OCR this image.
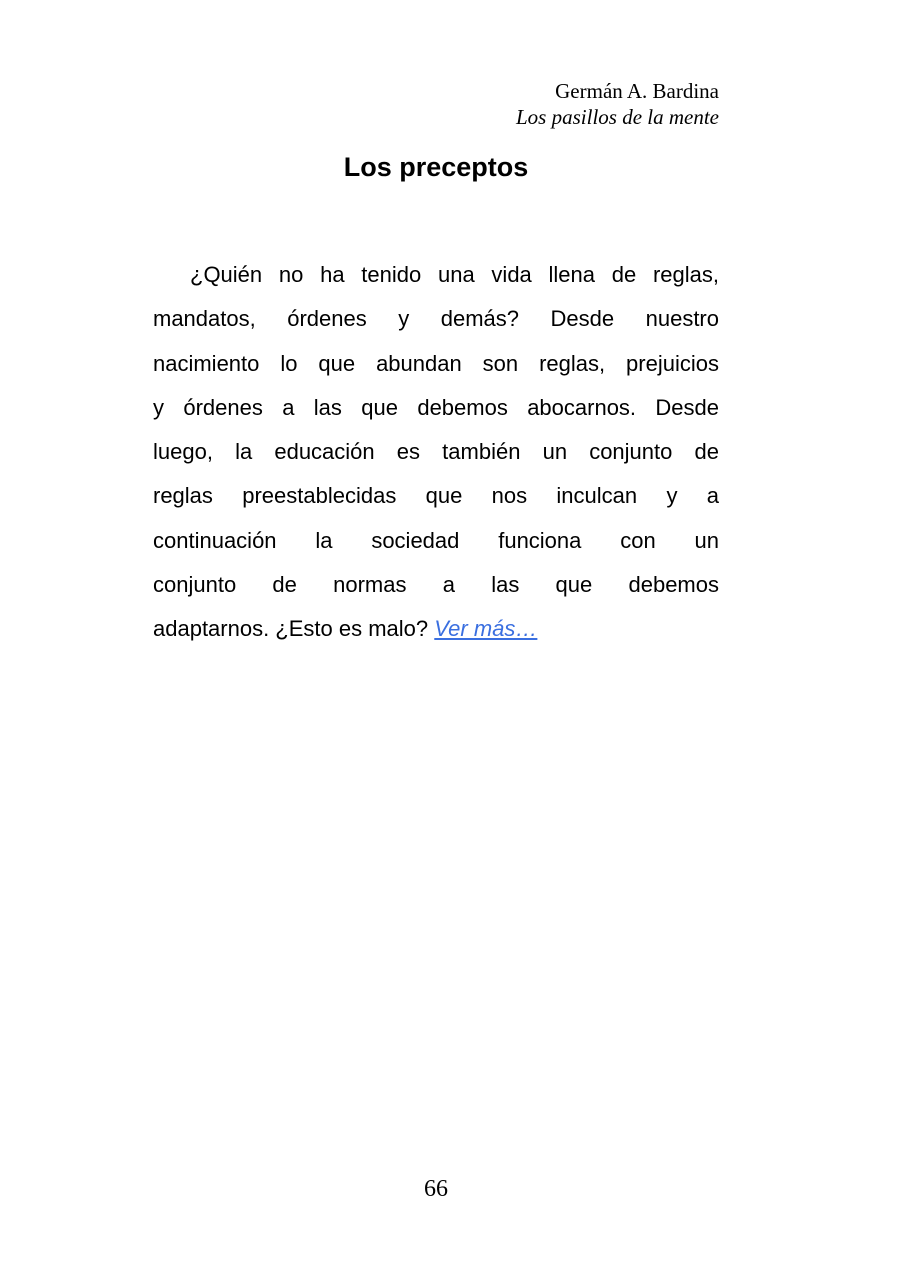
Germán A. Bardina
Los pasillos de la mente
Los preceptos
¿Quién no ha tenido una vida llena de reglas,
mandatos, órdenes y demás? Desde nuestro
nacimiento lo que abundan son reglas, prejuicios
y órdenes a las que debemos abocarnos. Desde
luego, la educación es también un conjunto de
reglas preestablecidas que nos inculcan y a
continuación la sociedad funciona con un
conjunto de normas a las que debemos
adaptarnos. ¿Esto es malo? Ver más…
66
